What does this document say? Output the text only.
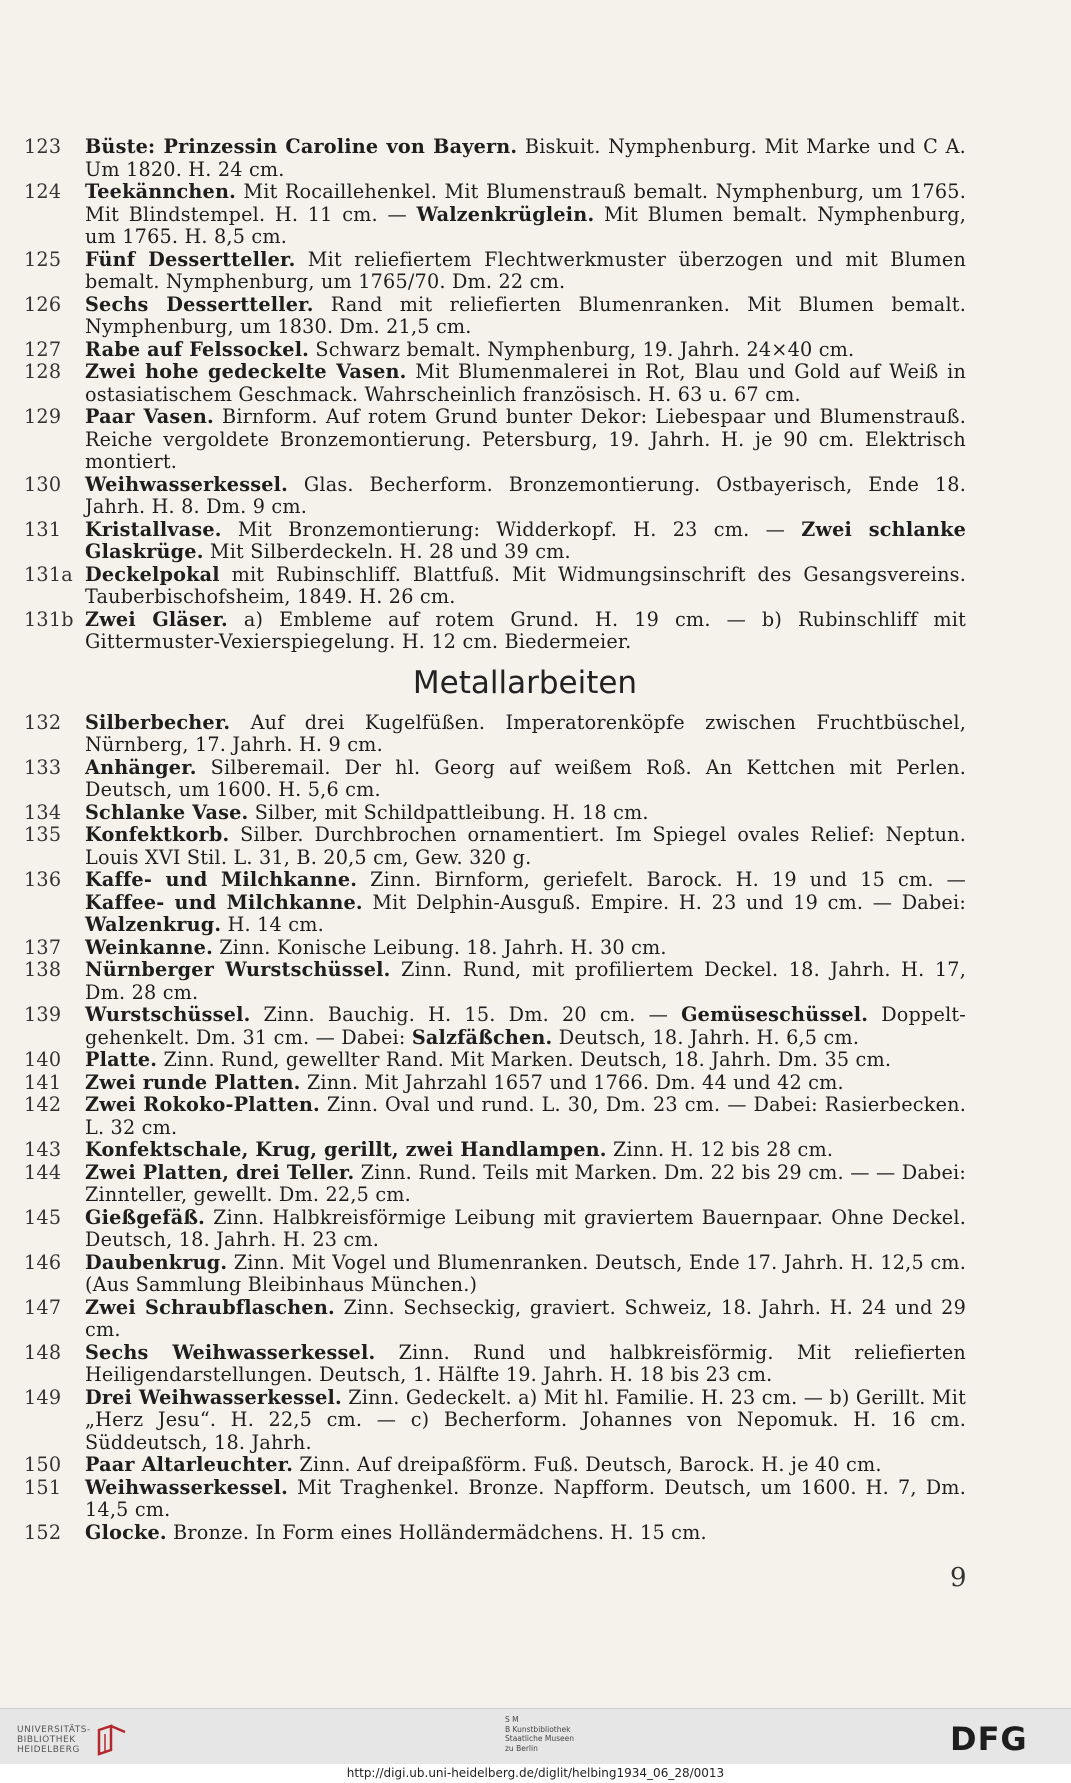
123	Büste: Prinzessin Caroline von Bayern. Biskuit. Nymphenburg. Mit Marke und C A. Um 1820. H. 24 cm.
124	Teekännchen. Mit Rocaillehenkel. Mit Blumenstrauß bemalt. Nymphenburg, um 1765. Mit Blindstempel. H. 11 cm. — Walzenkrüglein. Mit Blumen bemalt. Nymphenburg, um 1765. H. 8,5 cm.
125	Fünf Dessertteller. Mit reliefiertem Flechtwerkmuster überzogen und mit Blumen bemalt. Nymphenburg, um 1765/70. Dm. 22 cm.
126	Sechs Dessertteller. Rand mit reliefierten Blumenranken. Mit Blumen bemalt. Nymphenburg, um 1830. Dm. 21,5 cm.
127	Rabe auf Felssockel. Schwarz bemalt. Nymphenburg, 19. Jahrh. 24×40 cm.
128	Zwei hohe gedeckelte Vasen. Mit Blumenmalerei in Rot, Blau und Gold auf Weiß in ostasiatischem Geschmack. Wahrscheinlich französisch. H. 63 u. 67 cm.
129	Paar Vasen. Birnform. Auf rotem Grund bunter Dekor: Liebespaar und Blumenstrauß. Reiche vergoldete Bronzemontierung. Petersburg, 19. Jahrh. H. je 90 cm. Elektrisch montiert.
130	Weihwasserkessel. Glas. Becherform. Bronzemontierung. Ostbayerisch, Ende 18. Jahrh. H. 8. Dm. 9 cm.
131	Kristallvase. Mit Bronzemontierung: Widderkopf. H. 23 cm. — Zwei schlanke Glaskrüge. Mit Silberdeckeln. H. 28 und 39 cm.
131a Deckelpokal mit Rubinschliff. Blattfuß. Mit Widmungsinschrift des Gesangsvereins. Tauberbischofsheim, 1849. H. 26 cm.
131b Zwei Gläser. a) Embleme auf rotem Grund. H. 19 cm. — b) Rubinschliff mit Gittermuster-Vexierspiegelung. H. 12 cm. Biedermeier.
Metallarbeiten
132	Silberbecher. Auf drei Kugelfüßen. Imperatorenköpfe zwischen Fruchtbüschel, Nürnberg, 17. Jahrh. H. 9 cm.
133	Anhänger. Silberemail. Der hl. Georg auf weißem Roß. An Kettchen mit Perlen. Deutsch, um 1600. H. 5,6 cm.
134	Schlanke Vase. Silber, mit Schildpattleibung. H. 18 cm.
135	Konfektkorb. Silber. Durchbrochen ornamentiert. Im Spiegel ovales Relief: Neptun. Louis XVI Stil. L. 31, B. 20,5 cm, Gew. 320 g.
136	Kaffe- und Milchkanne. Zinn. Birnform, geriefelt. Barock. H. 19 und 15 cm. — Kaffee- und Milchkanne. Mit Delphin-Ausguß. Empire. H. 23 und 19 cm. — Dabei: Walzenkrug. H. 14 cm.
137	Weinkanne. Zinn. Konische Leibung. 18. Jahrh. H. 30 cm.
138	Nürnberger Wurstschüssel. Zinn. Rund, mit profiliertem Deckel. 18. Jahrh. H. 17, Dm. 28 cm.
139	Wurstschüssel. Zinn. Bauchig. H. 15. Dm. 20 cm. — Gemüseschüssel. Doppelt-gehenkelt. Dm. 31 cm. — Dabei: Salzfäßchen. Deutsch, 18. Jahrh. H. 6,5 cm.
140	Platte. Zinn. Rund, gewellter Rand. Mit Marken. Deutsch, 18. Jahrh. Dm. 35 cm.
141	Zwei runde Platten. Zinn. Mit Jahrzahl 1657 und 1766. Dm. 44 und 42 cm.
142	Zwei Rokoko-Platten. Zinn. Oval und rund. L. 30, Dm. 23 cm. — Dabei: Rasierbecken. L. 32 cm.
143	Konfektschale, Krug, gerillt, zwei Handlampen. Zinn. H. 12 bis 28 cm.
144	Zwei Platten, drei Teller. Zinn. Rund. Teils mit Marken. Dm. 22 bis 29 cm. — — Dabei: Zinnteller, gewellt. Dm. 22,5 cm.
145	Gießgefäß. Zinn. Halbkreisförmige Leibung mit graviertem Bauernpaar. Ohne Deckel. Deutsch, 18. Jahrh. H. 23 cm.
146	Daubenkrug. Zinn. Mit Vogel und Blumenranken. Deutsch, Ende 17. Jahrh. H. 12,5 cm. (Aus Sammlung Bleibinhaus München.)
147	Zwei Schraubflaschen. Zinn. Sechseckig, graviert. Schweiz, 18. Jahrh. H. 24 und 29 cm.
148	Sechs Weihwasserkessel. Zinn. Rund und halbkreisförmig. Mit reliefierten Heiligendarstellungen. Deutsch, 1. Hälfte 19. Jahrh. H. 18 bis 23 cm.
149	Drei Weihwasserkessel. Zinn. Gedeckelt. a) Mit hl. Familie. H. 23 cm. — b) Gerillt. Mit „Herz Jesu“. H. 22,5 cm. — c) Becherform. Johannes von Nepomuk. H. 16 cm. Süddeutsch, 18. Jahrh.
150	Paar Altarleuchter. Zinn. Auf dreipaßförm. Fuß. Deutsch, Barock. H. je 40 cm.
151	Weihwasserkessel. Mit Traghenkel. Bronze. Napfform. Deutsch, um 1600. H. 7, Dm. 14,5 cm.
152	Glocke. Bronze. In Form eines Holländermädchens. H. 15 cm.
9
UNIVERSITÄTS-
BIBLIOTHEK
HEIDELBERG
S M
B Kunstbibliothek
Staatliche Museen
zu Berlin	DFG
http://digi.ub.uni-heidelberg.de/diglit/helbing1934_06_28/0013
